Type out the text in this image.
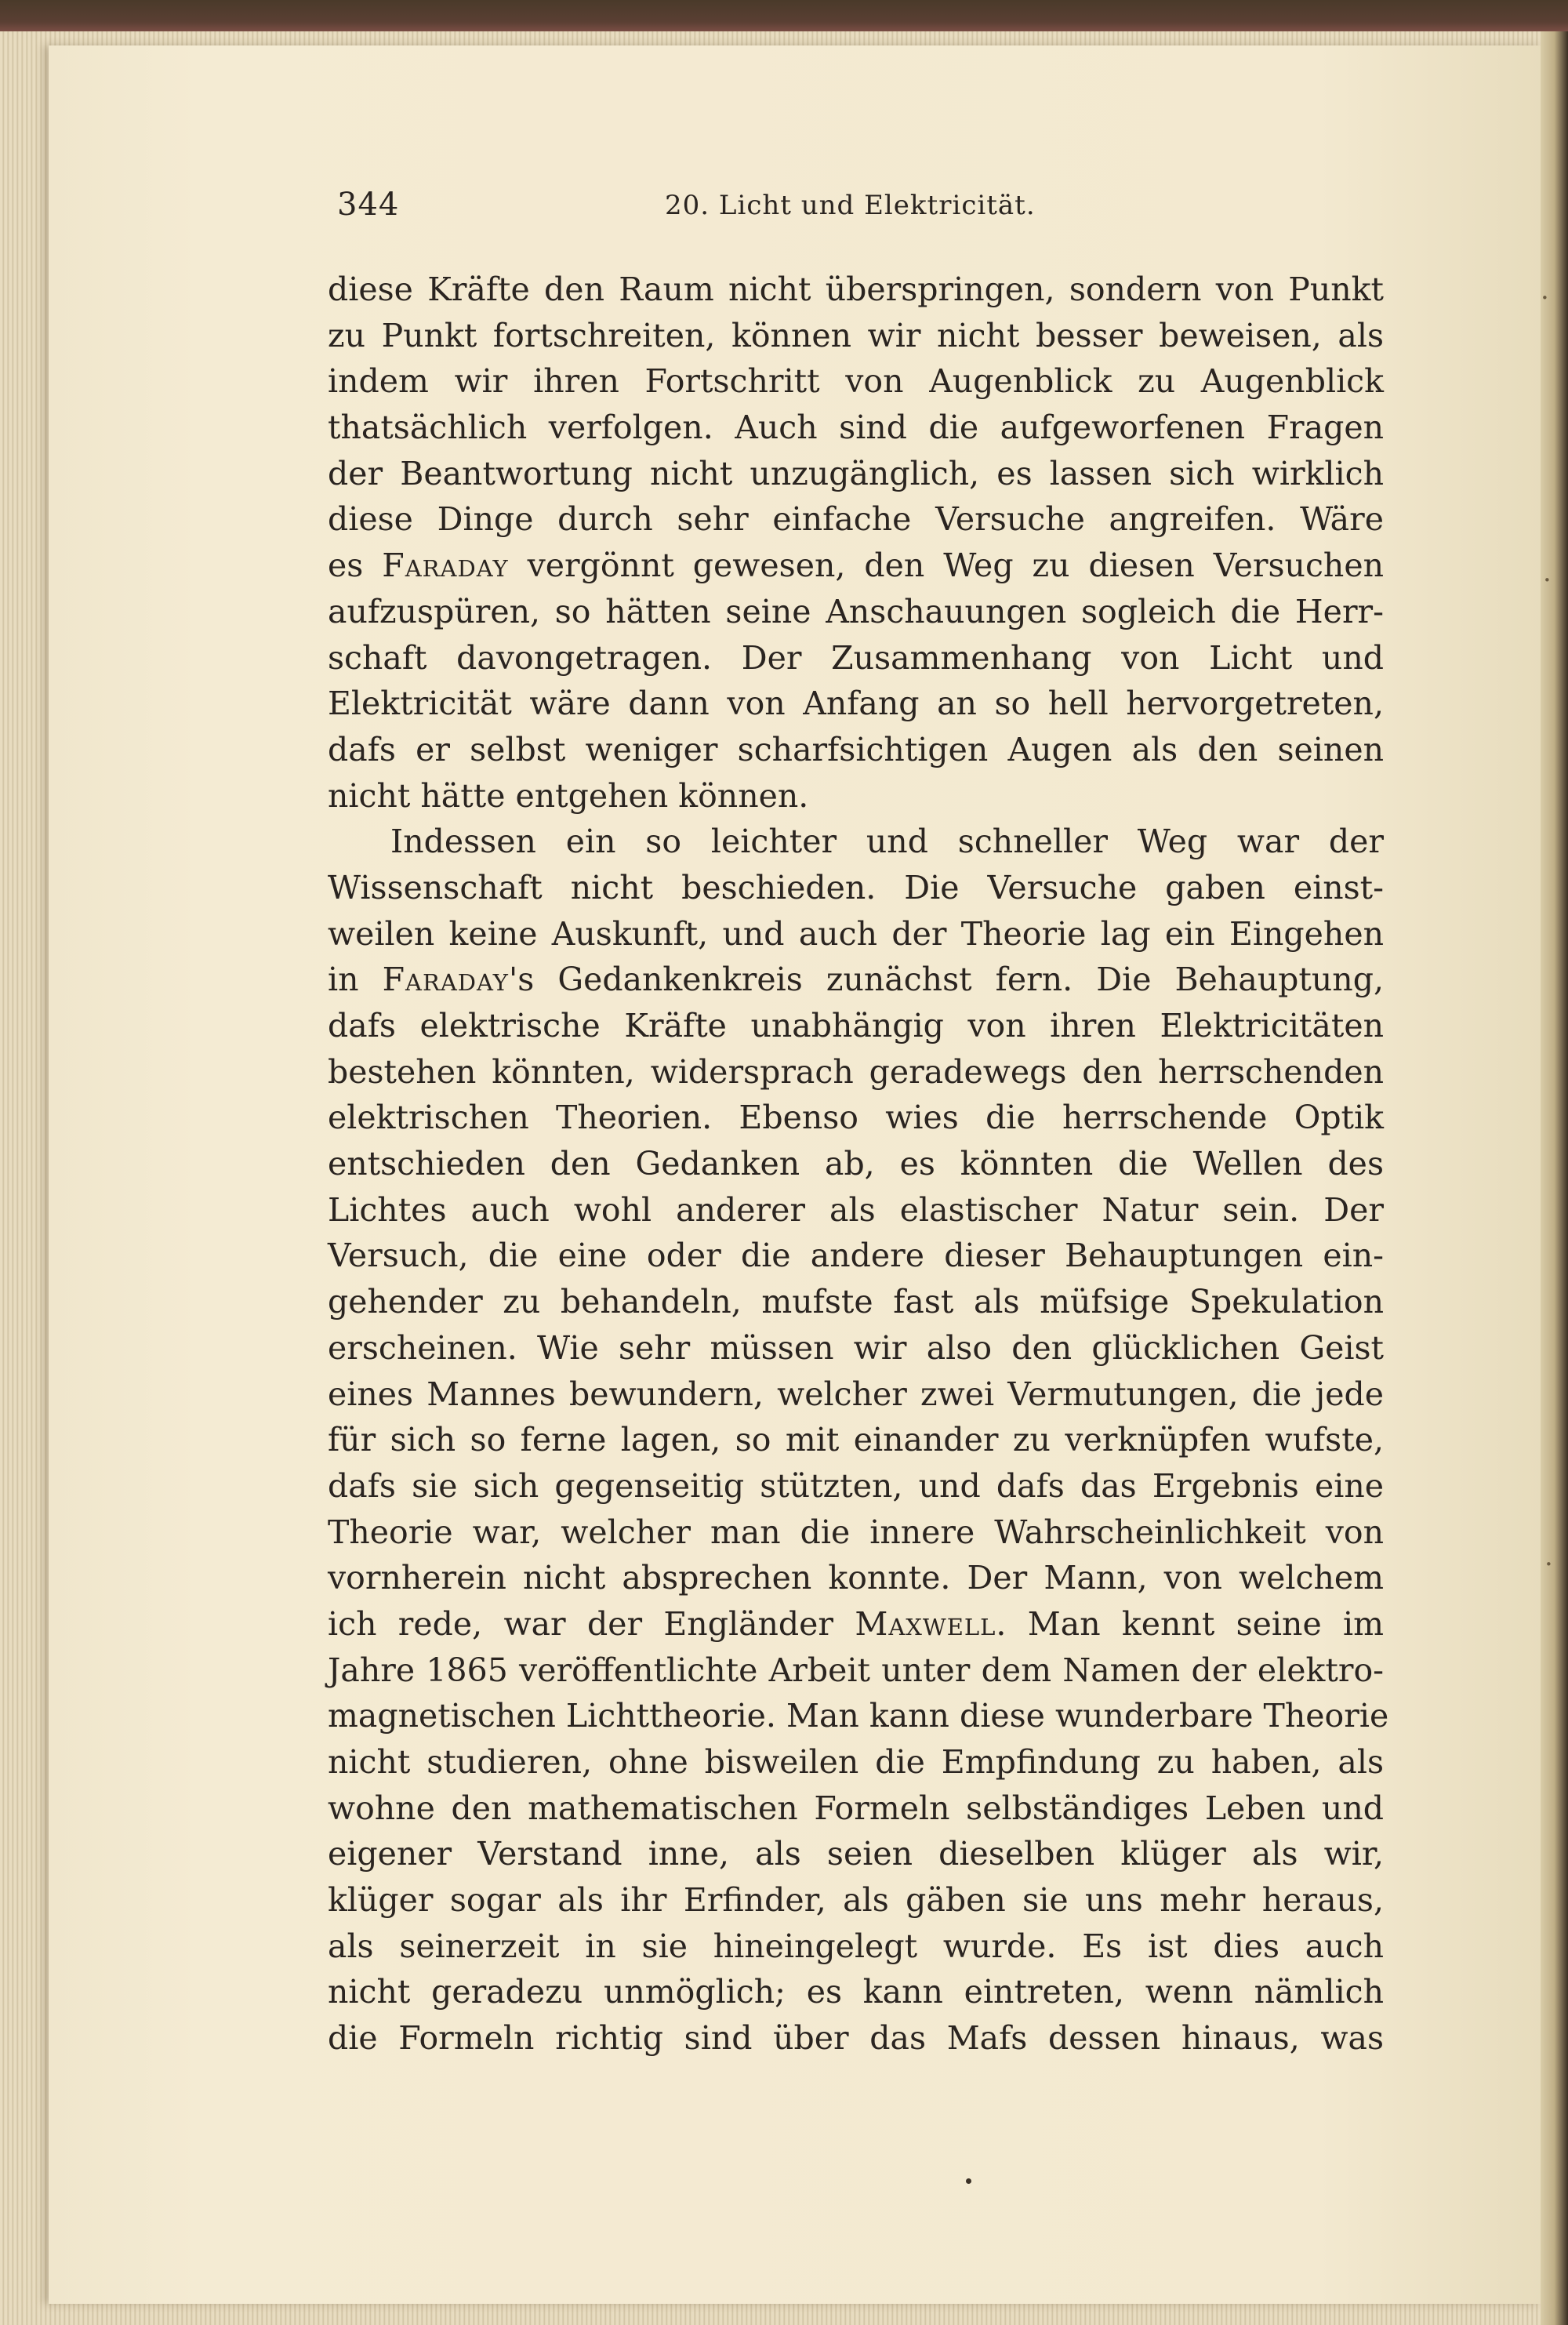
·
·
·
344	20. Licht und Elektricität.
diese Kräfte den Raum nicht überspringen, sondern von Punkt
zu Punkt fortschreiten, können wir nicht besser beweisen, als
indem wir ihren Fortschritt von Augenblick zu Augenblick
thatsächlich verfolgen. Auch sind die aufgeworfenen Fragen
der Beantwortung nicht unzugänglich, es lassen sich wirklich
diese Dinge durch sehr einfache Versuche angreifen. Wäre
es Faraday vergönnt gewesen, den Weg zu diesen Versuchen
aufzuspüren, so hätten seine Anschauungen sogleich die Herr-
schaft davongetragen. Der Zusammenhang von Licht und
Elektricität wäre dann von Anfang an so hell hervorgetreten,
dafs er selbst weniger scharfsichtigen Augen als den seinen
nicht hätte entgehen können.
Indessen ein so leichter und schneller Weg war der
Wissenschaft nicht beschieden. Die Versuche gaben einst-
weilen keine Auskunft, und auch der Theorie lag ein Eingehen
in Faraday's Gedankenkreis zunächst fern. Die Behauptung,
dafs elektrische Kräfte unabhängig von ihren Elektricitäten
bestehen könnten, widersprach geradewegs den herrschenden
elektrischen Theorien. Ebenso wies die herrschende Optik
entschieden den Gedanken ab, es könnten die Wellen des
Lichtes auch wohl anderer als elastischer Natur sein. Der
Versuch, die eine oder die andere dieser Behauptungen ein-
gehender zu behandeln, mufste fast als müfsige Spekulation
erscheinen. Wie sehr müssen wir also den glücklichen Geist
eines Mannes bewundern, welcher zwei Vermutungen, die jede
für sich so ferne lagen, so mit einander zu verknüpfen wufste,
dafs sie sich gegenseitig stützten, und dafs das Ergebnis eine
Theorie war, welcher man die innere Wahrscheinlichkeit von
vornherein nicht absprechen konnte. Der Mann, von welchem
ich rede, war der Engländer Maxwell. Man kennt seine im
Jahre 1865 veröffentlichte Arbeit unter dem Namen der elektro-
magnetischen Lichttheorie. Man kann diese wunderbare Theorie
nicht studieren, ohne bisweilen die Empfindung zu haben, als
wohne den mathematischen Formeln selbständiges Leben und
eigener Verstand inne, als seien dieselben klüger als wir,
klüger sogar als ihr Erfinder, als gäben sie uns mehr heraus,
als seinerzeit in sie hineingelegt wurde. Es ist dies auch
nicht geradezu unmöglich; es kann eintreten, wenn nämlich
die Formeln richtig sind über das Mafs dessen hinaus, was
